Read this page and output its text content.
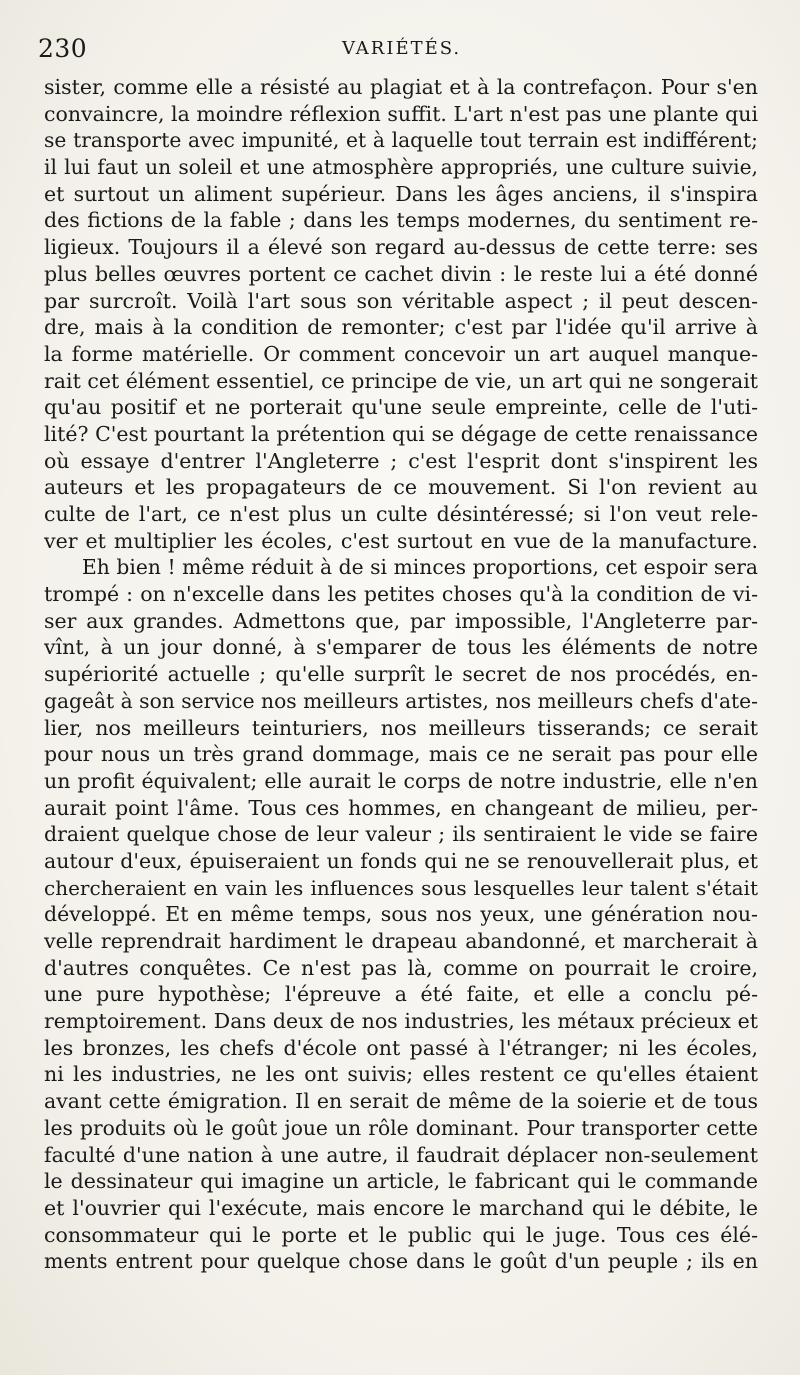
230	VARIÉTÉS.
sister, comme elle a résisté au plagiat et à la contrefaçon. Pour s'en
convaincre, la moindre réflexion suffit. L'art n'est pas une plante qui
se transporte avec impunité, et à laquelle tout terrain est indifférent;
il lui faut un soleil et une atmosphère appropriés, une culture suivie,
et surtout un aliment supérieur. Dans les âges anciens, il s'inspira
des fictions de la fable ; dans les temps modernes, du sentiment re-
ligieux. Toujours il a élevé son regard au-dessus de cette terre: ses
plus belles œuvres portent ce cachet divin : le reste lui a été donné
par surcroît. Voilà l'art sous son véritable aspect ; il peut descen-
dre, mais à la condition de remonter; c'est par l'idée qu'il arrive à
la forme matérielle. Or comment concevoir un art auquel manque-
rait cet élément essentiel, ce principe de vie, un art qui ne songerait
qu'au positif et ne porterait qu'une seule empreinte, celle de l'uti-
lité? C'est pourtant la prétention qui se dégage de cette renaissance
où essaye d'entrer l'Angleterre ; c'est l'esprit dont s'inspirent les
auteurs et les propagateurs de ce mouvement. Si l'on revient au
culte de l'art, ce n'est plus un culte désintéressé; si l'on veut rele-
ver et multiplier les écoles, c'est surtout en vue de la manufacture.
Eh bien ! même réduit à de si minces proportions, cet espoir sera
trompé : on n'excelle dans les petites choses qu'à la condition de vi-
ser aux grandes. Admettons que, par impossible, l'Angleterre par-
vînt, à un jour donné, à s'emparer de tous les éléments de notre
supériorité actuelle ; qu'elle surprît le secret de nos procédés, en-
gageât à son service nos meilleurs artistes, nos meilleurs chefs d'ate-
lier, nos meilleurs teinturiers, nos meilleurs tisserands; ce serait
pour nous un très grand dommage, mais ce ne serait pas pour elle
un profit équivalent; elle aurait le corps de notre industrie, elle n'en
aurait point l'âme. Tous ces hommes, en changeant de milieu, per-
draient quelque chose de leur valeur ; ils sentiraient le vide se faire
autour d'eux, épuiseraient un fonds qui ne se renouvellerait plus, et
chercheraient en vain les influences sous lesquelles leur talent s'était
développé. Et en même temps, sous nos yeux, une génération nou-
velle reprendrait hardiment le drapeau abandonné, et marcherait à
d'autres conquêtes. Ce n'est pas là, comme on pourrait le croire,
une pure hypothèse; l'épreuve a été faite, et elle a conclu pé-
remptoirement. Dans deux de nos industries, les métaux précieux et
les bronzes, les chefs d'école ont passé à l'étranger; ni les écoles,
ni les industries, ne les ont suivis; elles restent ce qu'elles étaient
avant cette émigration. Il en serait de même de la soierie et de tous
les produits où le goût joue un rôle dominant. Pour transporter cette
faculté d'une nation à une autre, il faudrait déplacer non-seulement
le dessinateur qui imagine un article, le fabricant qui le commande
et l'ouvrier qui l'exécute, mais encore le marchand qui le débite, le
consommateur qui le porte et le public qui le juge. Tous ces élé-
ments entrent pour quelque chose dans le goût d'un peuple ; ils en
